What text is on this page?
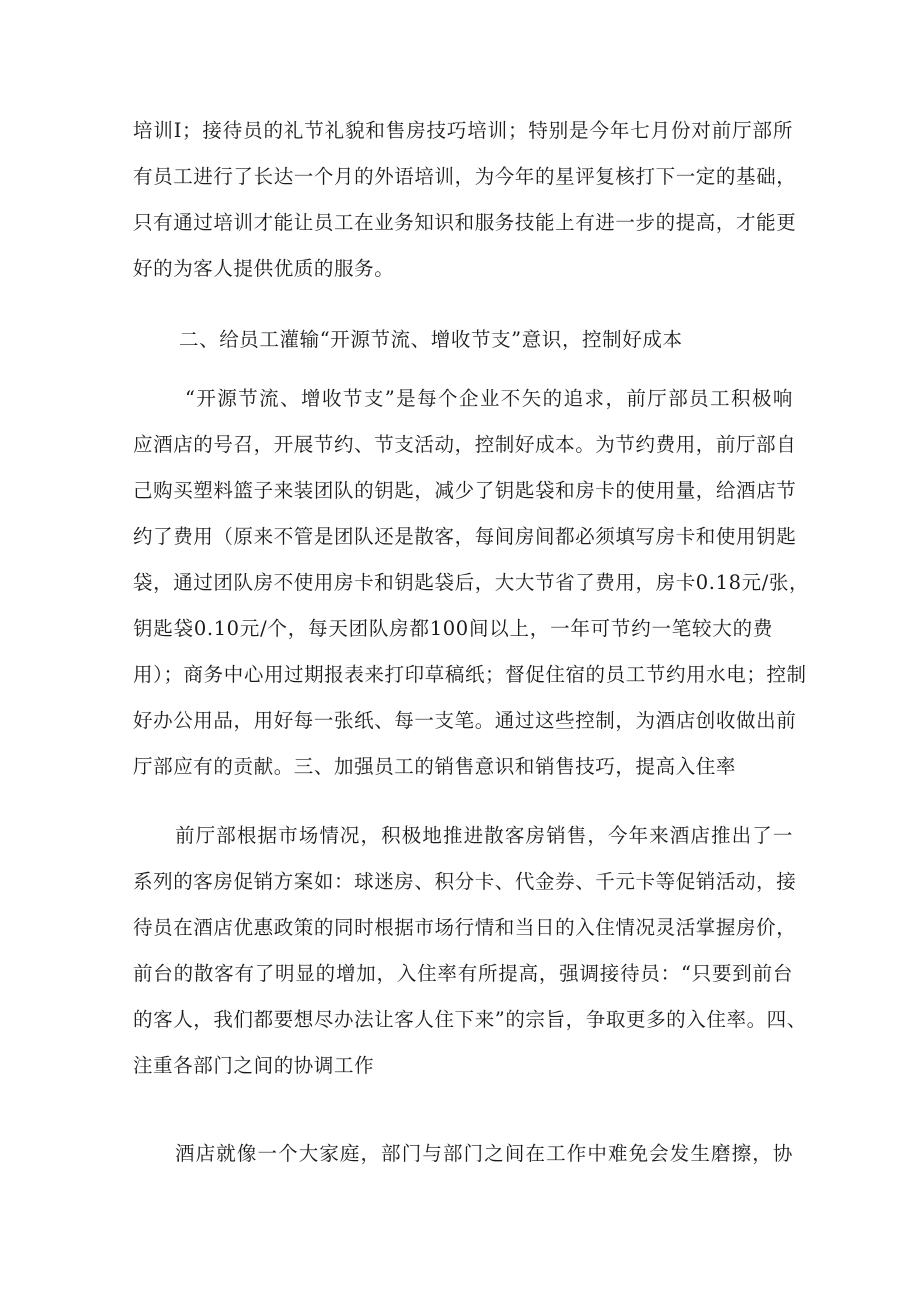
培训I；接待员的礼节礼貌和售房技巧培训；特别是今年七月份对前厅部所
有员工进行了长达一个月的外语培训，为今年的星评复核打下一定的基础，
只有通过培训才能让员工在业务知识和服务技能上有进一步的提高，才能更
好的为客人提供优质的服务。
二、给员工灌输“开源节流、增收节支”意识，控制好成本
“开源节流、增收节支”是每个企业不矢的追求，前厅部员工积极响
应酒店的号召，开展节约、节支活动，控制好成本。为节约费用，前厅部自
己购买塑料篮子来装团队的钥匙，减少了钥匙袋和房卡的使用量，给酒店节
约了费用（原来不管是团队还是散客，每间房间都必须填写房卡和使用钥匙
袋，通过团队房不使用房卡和钥匙袋后，大大节省了费用，房卡0.18元/张，
钥匙袋0.10元/个，每天团队房都100间以上，一年可节约一笔较大的费
用）；商务中心用过期报表来打印草稿纸；督促住宿的员工节约用水电；控制
好办公用品，用好每一张纸、每一支笔。通过这些控制，为酒店创收做出前
厅部应有的贡献。三、加强员工的销售意识和销售技巧，提高入住率
前厅部根据市场情况，积极地推进散客房销售，今年来酒店推出了一
系列的客房促销方案如：球迷房、积分卡、代金券、千元卡等促销活动，接
待员在酒店优惠政策的同时根据市场行情和当日的入住情况灵活掌握房价，
前台的散客有了明显的增加，入住率有所提高，强调接待员：“只要到前台
的客人，我们都要想尽办法让客人住下来”的宗旨，争取更多的入住率。四、
注重各部门之间的协调工作
酒店就像一个大家庭，部门与部门之间在工作中难免会发生磨擦，协
